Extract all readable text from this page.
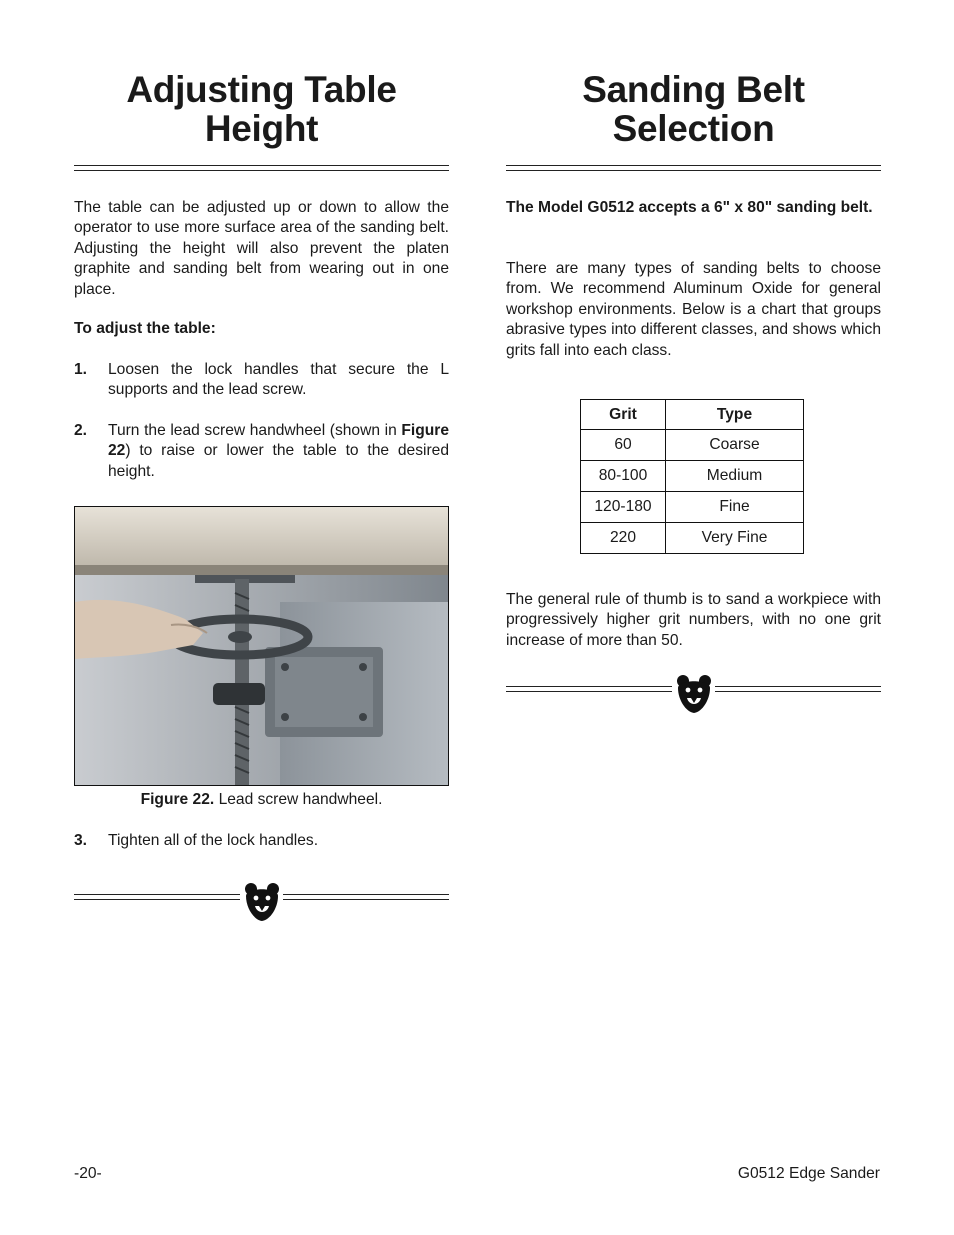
Adjusting Table
Height

The table can be adjusted up or down to allow the operator to use more surface area of the sanding belt. Adjusting the height will also prevent the platen graphite and sanding belt from wearing out in one place.

To adjust the table:

1. Loosen the lock handles that secure the L supports and the lead screw.

2. Turn the lead screw handwheel (shown in Figure 22) to raise or lower the table to the desired height.

Figure 22. Lead screw handwheel.
3. Tighten all of the lock handles.

Sanding Belt
Selection

The Model G0512 accepts a 6" x 80" sanding belt.

There are many types of sanding belts to choose from. We recommend Aluminum Oxide for general workshop environments. Below is a chart that groups abrasive types into different classes, and shows which grits fall into each class.

Grit	Type
60	Coarse
80-100	Medium
120-180	Fine
220	Very Fine

The general rule of thumb is to sand a workpiece with progressively higher grit numbers, with no one grit increase of more than 50.

-20-	G0512 Edge Sander
